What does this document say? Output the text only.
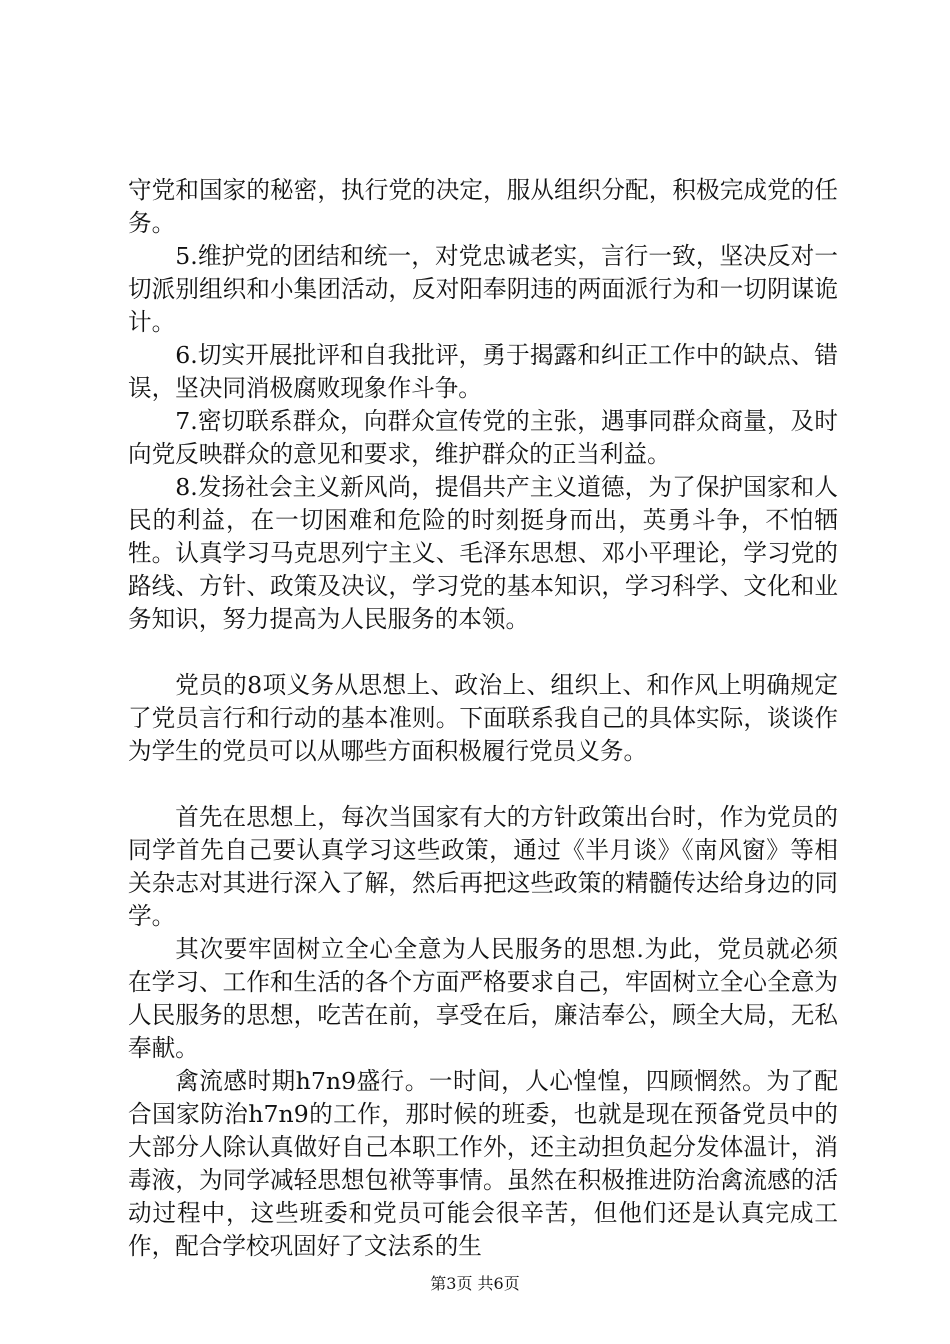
守党和国家的秘密，执行党的决定，服从组织分配，积极完成党的任务。

5.维护党的团结和统一，对党忠诚老实，言行一致，坚决反对一切派别组织和小集团活动，反对阳奉阴违的两面派行为和一切阴谋诡计。

6.切实开展批评和自我批评，勇于揭露和纠正工作中的缺点、错误，坚决同消极腐败现象作斗争。

7.密切联系群众，向群众宣传党的主张，遇事同群众商量，及时向党反映群众的意见和要求，维护群众的正当利益。

8.发扬社会主义新风尚，提倡共产主义道德，为了保护国家和人民的利益，在一切困难和危险的时刻挺身而出，英勇斗争，不怕牺牲。认真学习马克思列宁主义、毛泽东思想、邓小平理论，学习党的路线、方针、政策及决议，学习党的基本知识，学习科学、文化和业务知识，努力提高为人民服务的本领。

党员的8项义务从思想上、政治上、组织上、和作风上明确规定了党员言行和行动的基本准则。下面联系我自己的具体实际，谈谈作为学生的党员可以从哪些方面积极履行党员义务。

首先在思想上，每次当国家有大的方针政策出台时，作为党员的同学首先自己要认真学习这些政策，通过《半月谈》《南风窗》等相关杂志对其进行深入了解，然后再把这些政策的精髓传达给身边的同学。

其次要牢固树立全心全意为人民服务的思想.为此，党员就必须在学习、工作和生活的各个方面严格要求自己，牢固树立全心全意为人民服务的思想，吃苦在前，享受在后，廉洁奉公，顾全大局，无私奉献。

禽流感时期h7n9盛行。一时间，人心惶惶，四顾惘然。为了配合国家防治h7n9的工作，那时候的班委，也就是现在预备党员中的大部分人除认真做好自己本职工作外，还主动担负起分发体温计，消毒液，为同学减轻思想包袱等事情。虽然在积极推进防治禽流感的活动过程中，这些班委和党员可能会很辛苦，但他们还是认真完成工作，配合学校巩固好了文法系的生

第3页 共6页
